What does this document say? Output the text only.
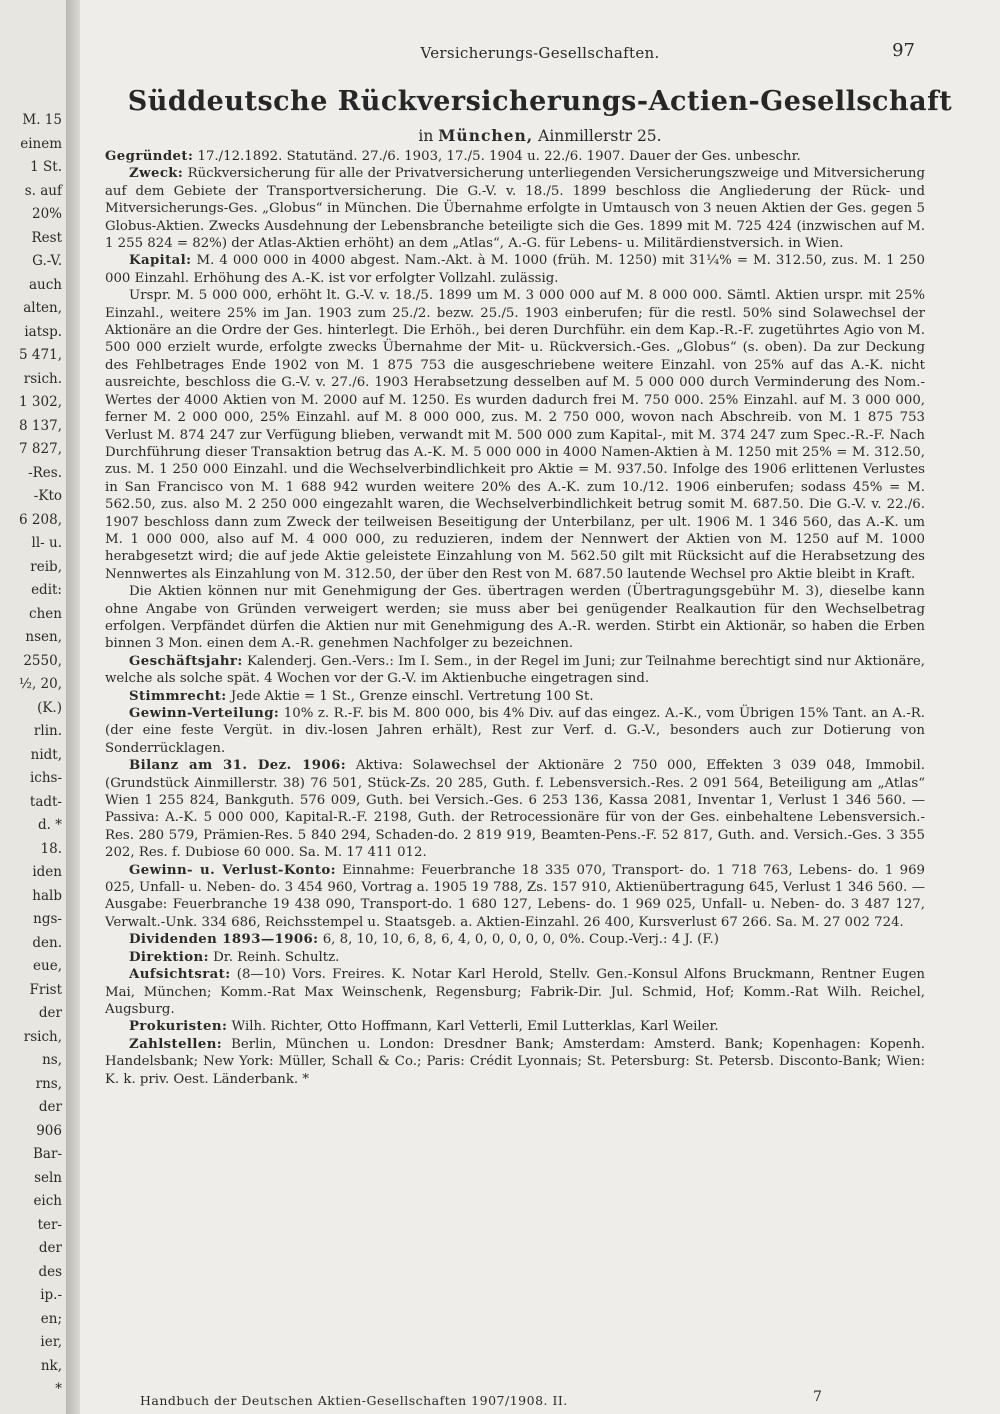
M. 15
einem
1 St.
s. auf
20%
Rest
G.-V.
auch
alten,
iatsp.
5 471,
rsich.
1 302,
8 137,
7 827,
-Res.
-Kto
6 208,
ll- u.
reib,
edit:
chen
nsen,
2550,
½, 20,
(K.)
rlin.
nidt,
ichs-
tadt-
d. *
18.
iden
halb
ngs-
den.
eue,
Frist
der
rsich,
ns,
rns,
der
906
Bar-
seln
eich
ter-
der
des
ip.-
en;
ier,
nk,
*
Versicherungs-Gesellschaften.	97
Süddeutsche Rückversicherungs-Actien-Gesellschaft
in München, Ainmillerstr 25.

Gegründet: 17./12.1892. Statutänd. 27./6. 1903, 17./5. 1904 u. 22./6. 1907. Dauer der Ges. unbeschr.

Zweck: Rückversicherung für alle der Privatversicherung unterliegenden Versicherungszweige und Mitversicherung auf dem Gebiete der Transportversicherung. Die G.-V. v. 18./5. 1899 beschloss die Angliederung der Rück- und Mitversicherungs-Ges. „Globus“ in München. Die Übernahme erfolgte in Umtausch von 3 neuen Aktien der Ges. gegen 5 Globus-Aktien. Zwecks Ausdehnung der Lebensbranche beteiligte sich die Ges. 1899 mit M. 725 424 (inzwischen auf M. 1 255 824 = 82%) der Atlas-Aktien erhöht) an dem „Atlas“, A.-G. für Lebens- u. Militärdienstversich. in Wien.

Kapital: M. 4 000 000 in 4000 abgest. Nam.-Akt. à M. 1000 (früh. M. 1250) mit 31¼% = M. 312.50, zus. M. 1 250 000 Einzahl. Erhöhung des A.-K. ist vor erfolgter Vollzahl. zulässig.

Urspr. M. 5 000 000, erhöht lt. G.-V. v. 18./5. 1899 um M. 3 000 000 auf M. 8 000 000. Sämtl. Aktien urspr. mit 25% Einzahl., weitere 25% im Jan. 1903 zum 25./2. bezw. 25./5. 1903 einberufen; für die restl. 50% sind Solawechsel der Aktionäre an die Ordre der Ges. hinterlegt. Die Erhöh., bei deren Durchführ. ein dem Kap.-R.-F. zugetührtes Agio von M. 500 000 erzielt wurde, erfolgte zwecks Übernahme der Mit- u. Rückversich.-Ges. „Globus“ (s. oben). Da zur Deckung des Fehlbetrages Ende 1902 von M. 1 875 753 die ausgeschriebene weitere Einzahl. von 25% auf das A.-K. nicht ausreichte, beschloss die G.-V. v. 27./6. 1903 Herabsetzung desselben auf M. 5 000 000 durch Verminderung des Nom.-Wertes der 4000 Aktien von M. 2000 auf M. 1250. Es wurden dadurch frei M. 750 000. 25% Einzahl. auf M. 3 000 000, ferner M. 2 000 000, 25% Einzahl. auf M. 8 000 000, zus. M. 2 750 000, wovon nach Abschreib. von M. 1 875 753 Verlust M. 874 247 zur Verfügung blieben, verwandt mit M. 500 000 zum Kapital-, mit M. 374 247 zum Spec.-R.-F. Nach Durchführung dieser Transaktion betrug das A.-K. M. 5 000 000 in 4000 Namen-Aktien à M. 1250 mit 25% = M. 312.50, zus. M. 1 250 000 Einzahl. und die Wechselverbindlichkeit pro Aktie = M. 937.50. Infolge des 1906 erlittenen Verlustes in San Francisco von M. 1 688 942 wurden weitere 20% des A.-K. zum 10./12. 1906 einberufen; sodass 45% = M. 562.50, zus. also M. 2 250 000 eingezahlt waren, die Wechselverbindlichkeit betrug somit M. 687.50. Die G.-V. v. 22./6. 1907 beschloss dann zum Zweck der teilweisen Beseitigung der Unterbilanz, per ult. 1906 M. 1 346 560, das A.-K. um M. 1 000 000, also auf M. 4 000 000, zu reduzieren, indem der Nennwert der Aktien von M. 1250 auf M. 1000 herabgesetzt wird; die auf jede Aktie geleistete Einzahlung von M. 562.50 gilt mit Rücksicht auf die Herabsetzung des Nennwertes als Einzahlung von M. 312.50, der über den Rest von M. 687.50 lautende Wechsel pro Aktie bleibt in Kraft.

Die Aktien können nur mit Genehmigung der Ges. übertragen werden (Übertragungsgebühr M. 3), dieselbe kann ohne Angabe von Gründen verweigert werden; sie muss aber bei genügender Realkaution für den Wechselbetrag erfolgen. Verpfändet dürfen die Aktien nur mit Genehmigung des A.-R. werden. Stirbt ein Aktionär, so haben die Erben binnen 3 Mon. einen dem A.-R. genehmen Nachfolger zu bezeichnen.

Geschäftsjahr: Kalenderj. Gen.-Vers.: Im I. Sem., in der Regel im Juni; zur Teilnahme berechtigt sind nur Aktionäre, welche als solche spät. 4 Wochen vor der G.-V. im Aktienbuche eingetragen sind.

Stimmrecht: Jede Aktie = 1 St., Grenze einschl. Vertretung 100 St.

Gewinn-Verteilung: 10% z. R.-F. bis M. 800 000, bis 4% Div. auf das eingez. A.-K., vom Übrigen 15% Tant. an A.-R. (der eine feste Vergüt. in div.-losen Jahren erhält), Rest zur Verf. d. G.-V., besonders auch zur Dotierung von Sonderrücklagen.

Bilanz am 31. Dez. 1906: Aktiva: Solawechsel der Aktionäre 2 750 000, Effekten 3 039 048, Immobil. (Grundstück Ainmillerstr. 38) 76 501, Stück-Zs. 20 285, Guth. f. Lebensversich.-Res. 2 091 564, Beteiligung am „Atlas“ Wien 1 255 824, Bankguth. 576 009, Guth. bei Versich.-Ges. 6 253 136, Kassa 2081, Inventar 1, Verlust 1 346 560. — Passiva: A.-K. 5 000 000, Kapital-R.-F. 2198, Guth. der Retrocessionäre für von der Ges. einbehaltene Lebensversich.-Res. 280 579, Prämien-Res. 5 840 294, Schaden-do. 2 819 919, Beamten-Pens.-F. 52 817, Guth. and. Versich.-Ges. 3 355 202, Res. f. Dubiose 60 000. Sa. M. 17 411 012.

Gewinn- u. Verlust-Konto: Einnahme: Feuerbranche 18 335 070, Transport- do. 1 718 763, Lebens- do. 1 969 025, Unfall- u. Neben- do. 3 454 960, Vortrag a. 1905 19 788, Zs. 157 910, Aktienübertragung 645, Verlust 1 346 560. — Ausgabe: Feuerbranche 19 438 090, Transport-do. 1 680 127, Lebens- do. 1 969 025, Unfall- u. Neben- do. 3 487 127, Verwalt.-Unk. 334 686, Reichsstempel u. Staatsgeb. a. Aktien-Einzahl. 26 400, Kursverlust 67 266. Sa. M. 27 002 724.

Dividenden 1893—1906: 6, 8, 10, 10, 6, 8, 6, 4, 0, 0, 0, 0, 0, 0%. Coup.-Verj.: 4 J. (F.)

Direktion: Dr. Reinh. Schultz.

Aufsichtsrat: (8—10) Vors. Freires. K. Notar Karl Herold, Stellv. Gen.-Konsul Alfons Bruckmann, Rentner Eugen Mai, München; Komm.-Rat Max Weinschenk, Regensburg; Fabrik-Dir. Jul. Schmid, Hof; Komm.-Rat Wilh. Reichel, Augsburg.

Prokuristen: Wilh. Richter, Otto Hoffmann, Karl Vetterli, Emil Lutterklas, Karl Weiler.

Zahlstellen: Berlin, München u. London: Dresdner Bank; Amsterdam: Amsterd. Bank; Kopenhagen: Kopenh. Handelsbank; New York: Müller, Schall & Co.; Paris: Crédit Lyonnais; St. Petersburg: St. Petersb. Disconto-Bank; Wien: K. k. priv. Oest. Länderbank. *

Handbuch der Deutschen Aktien-Gesellschaften 1907/1908. II.	7
